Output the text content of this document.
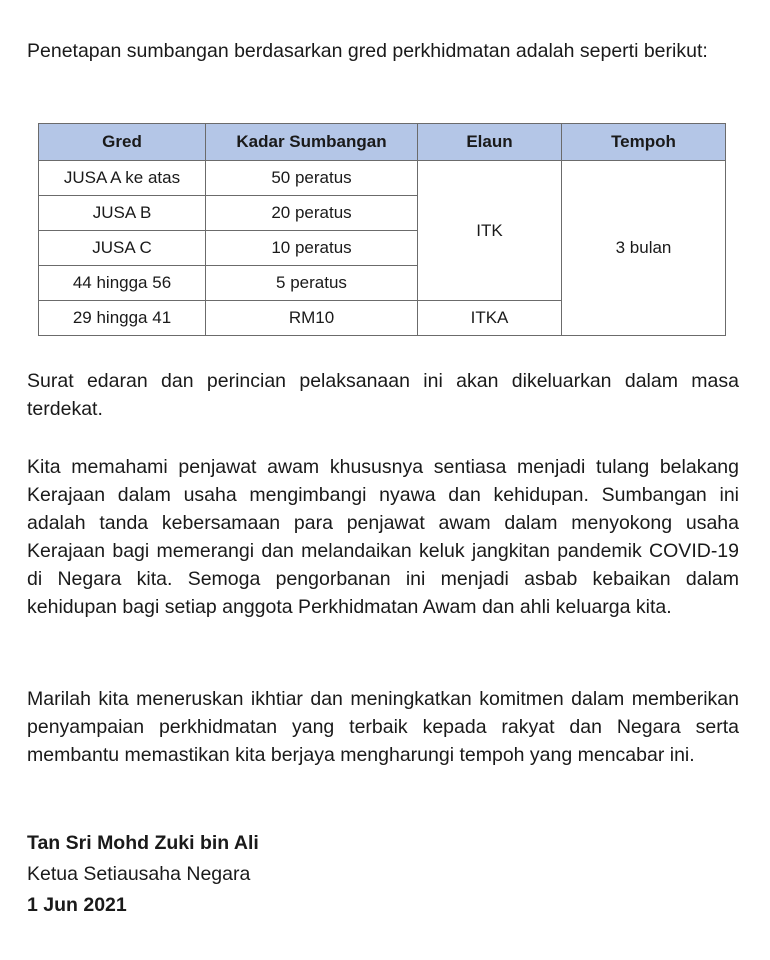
Penetapan sumbangan berdasarkan gred perkhidmatan adalah seperti berikut:

Gred	Kadar Sumbangan	Elaun	Tempoh
JUSA A ke atas	50 peratus	ITK	3 bulan
JUSA B	20 peratus		
JUSA C	10 peratus		
44 hingga 56	5 peratus		
29 hingga 41	RM10	ITKA	

Surat edaran dan perincian pelaksanaan ini akan dikeluarkan dalam masa terdekat.

Kita memahami penjawat awam khususnya sentiasa menjadi tulang belakang Kerajaan dalam usaha mengimbangi nyawa dan kehidupan. Sumbangan ini adalah tanda kebersamaan para penjawat awam dalam menyokong usaha Kerajaan bagi memerangi dan melandaikan keluk jangkitan pandemik COVID-19 di Negara kita. Semoga pengorbanan ini menjadi asbab kebaikan dalam kehidupan bagi setiap anggota Perkhidmatan Awam dan ahli keluarga kita.

Marilah kita meneruskan ikhtiar dan meningkatkan komitmen dalam memberikan penyampaian perkhidmatan yang terbaik kepada rakyat dan Negara serta membantu memastikan kita berjaya mengharungi tempoh yang mencabar ini.

Tan Sri Mohd Zuki bin Ali

Ketua Setiausaha Negara

1 Jun 2021
